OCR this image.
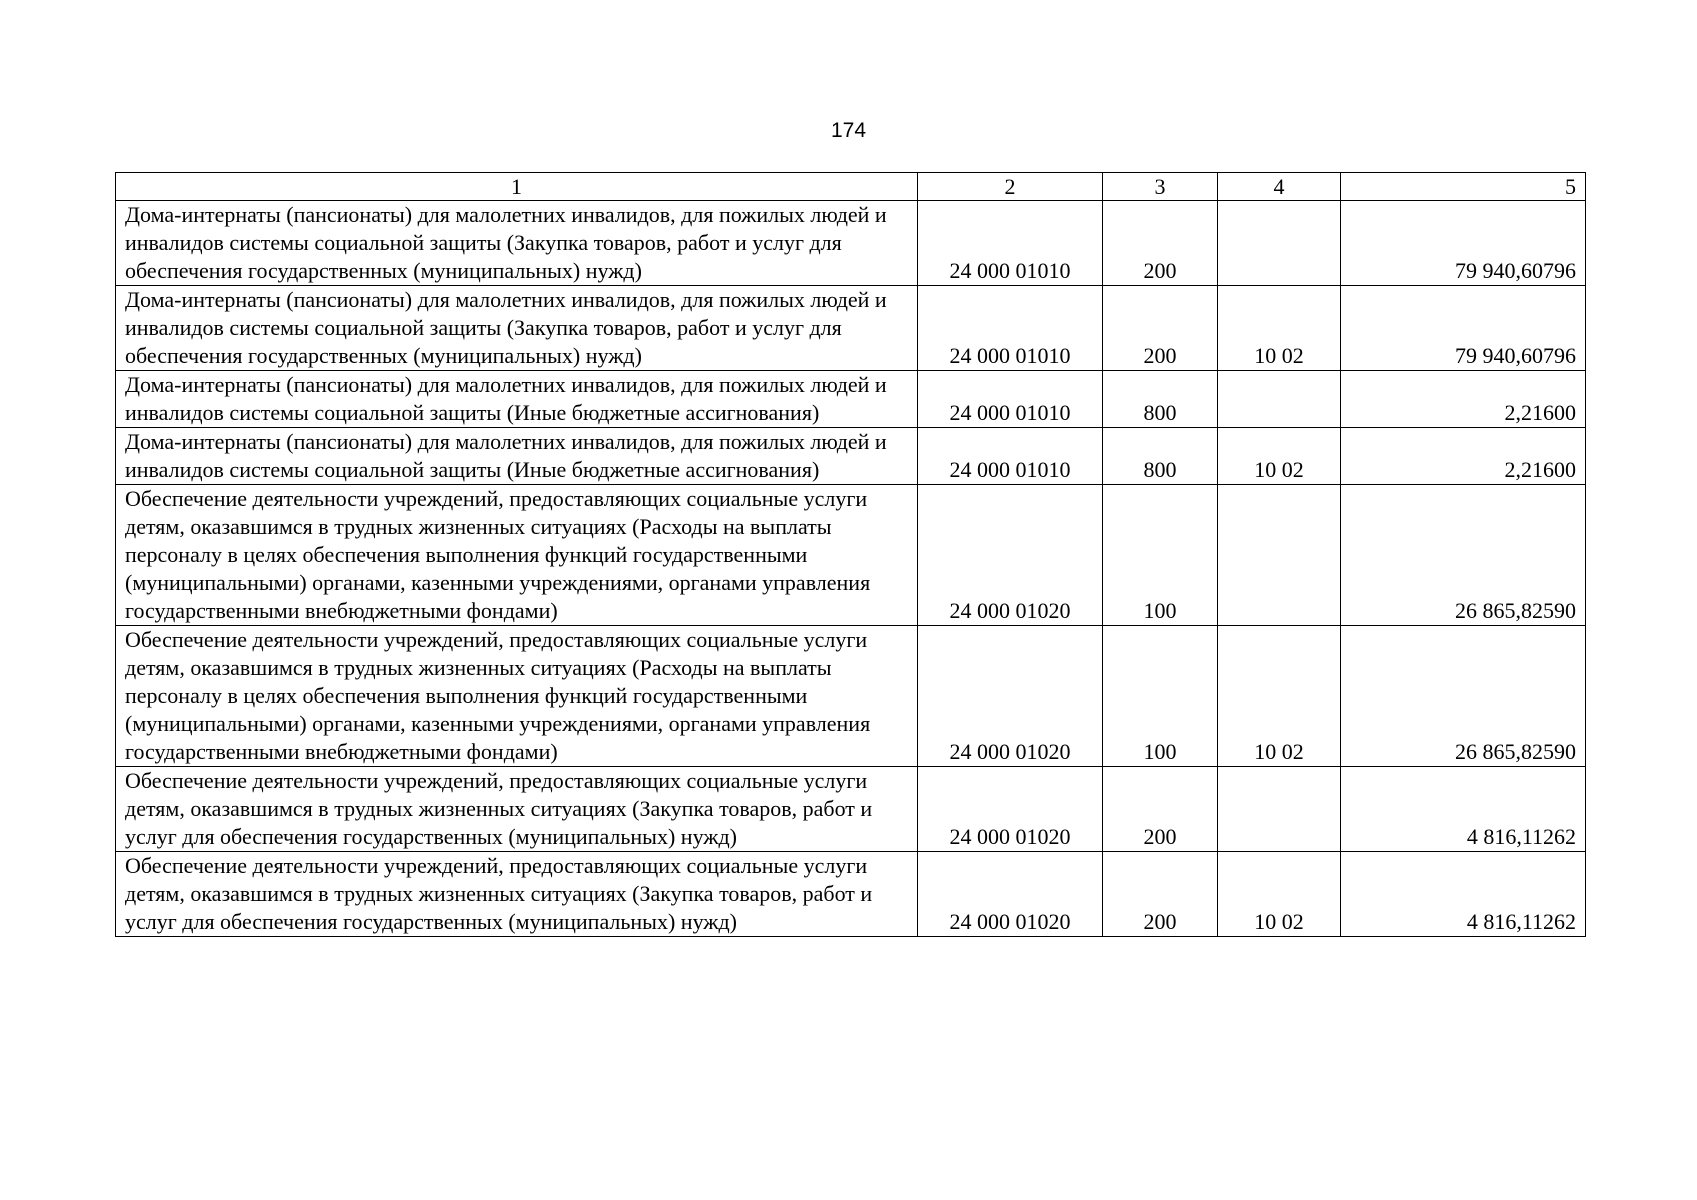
174
1	2	3	4	5
Дома-интернаты (пансионаты) для малолетних инвалидов, для пожилых людей и инвалидов системы социальной защиты (Закупка товаров, работ и услуг для обеспечения государственных (муниципальных) нужд)	24 000 01010	200		79 940,60796
Дома-интернаты (пансионаты) для малолетних инвалидов, для пожилых людей и инвалидов системы социальной защиты (Закупка товаров, работ и услуг для обеспечения государственных (муниципальных) нужд)	24 000 01010	200	10 02	79 940,60796
Дома-интернаты (пансионаты) для малолетних инвалидов, для пожилых людей и инвалидов системы социальной защиты (Иные бюджетные ассигнования)	24 000 01010	800		2,21600
Дома-интернаты (пансионаты) для малолетних инвалидов, для пожилых людей и инвалидов системы социальной защиты (Иные бюджетные ассигнования)	24 000 01010	800	10 02	2,21600
Обеспечение деятельности учреждений, предоставляющих социальные услуги детям, оказавшимся в трудных жизненных ситуациях (Расходы на выплаты персоналу в целях обеспечения выполнения функций государственными (муниципальными) органами, казенными учреждениями, органами управления государственными внебюджетными фондами)	24 000 01020	100		26 865,82590
Обеспечение деятельности учреждений, предоставляющих социальные услуги детям, оказавшимся в трудных жизненных ситуациях (Расходы на выплаты персоналу в целях обеспечения выполнения функций государственными (муниципальными) органами, казенными учреждениями, органами управления государственными внебюджетными фондами)	24 000 01020	100	10 02	26 865,82590
Обеспечение деятельности учреждений, предоставляющих социальные услуги детям, оказавшимся в трудных жизненных ситуациях (Закупка товаров, работ и услуг для обеспечения государственных (муниципальных) нужд)	24 000 01020	200		4 816,11262
Обеспечение деятельности учреждений, предоставляющих социальные услуги детям, оказавшимся в трудных жизненных ситуациях (Закупка товаров, работ и услуг для обеспечения государственных (муниципальных) нужд)	24 000 01020	200	10 02	4 816,11262
